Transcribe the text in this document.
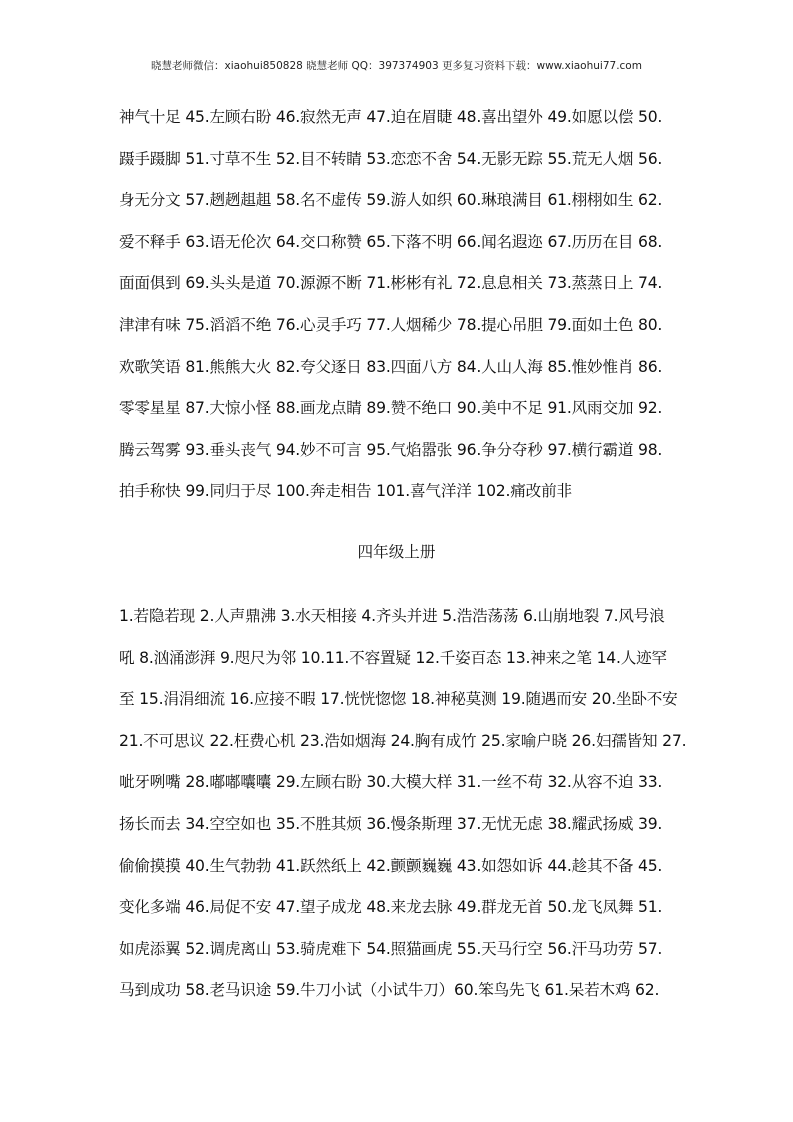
晓慧老师微信：xiaohui850828 晓慧老师 QQ：397374903 更多复习资料下载：www.xiaohui77.com
神气十足 45.左顾右盼 46.寂然无声 47.迫在眉睫 48.喜出望外 49.如愿以偿 50.
蹑手蹑脚 51.寸草不生 52.目不转睛 53.恋恋不舍 54.无影无踪 55.荒无人烟 56.
身无分文 57.趔趔趄趄 58.名不虚传 59.游人如织 60.琳琅满目 61.栩栩如生 62.
爱不释手 63.语无伦次 64.交口称赞 65.下落不明 66.闻名遐迩 67.历历在目 68.
面面俱到 69.头头是道 70.源源不断 71.彬彬有礼 72.息息相关 73.蒸蒸日上 74.
津津有味 75.滔滔不绝 76.心灵手巧 77.人烟稀少 78.提心吊胆 79.面如土色 80.
欢歌笑语 81.熊熊大火 82.夸父逐日 83.四面八方 84.人山人海 85.惟妙惟肖 86.
零零星星 87.大惊小怪 88.画龙点睛 89.赞不绝口 90.美中不足 91.风雨交加 92.
腾云驾雾 93.垂头丧气 94.妙不可言 95.气焰嚣张 96.争分夺秒 97.横行霸道 98.
拍手称快 99.同归于尽 100.奔走相告 101.喜气洋洋 102.痛改前非
四年级上册
1.若隐若现 2.人声鼎沸 3.水天相接 4.齐头并进 5.浩浩荡荡 6.山崩地裂 7.风号浪
吼 8.汹涌澎湃 9.咫尺为邻 10.11.不容置疑 12.千姿百态 13.神来之笔 14.人迹罕
至 15.涓涓细流 16.应接不暇 17.恍恍惚惚 18.神秘莫测 19.随遇而安 20.坐卧不安
21.不可思议 22.枉费心机 23.浩如烟海 24.胸有成竹 25.家喻户晓 26.妇孺皆知 27.
呲牙咧嘴 28.嘟嘟囔囔 29.左顾右盼 30.大模大样 31.一丝不苟 32.从容不迫 33.
扬长而去 34.空空如也 35.不胜其烦 36.慢条斯理 37.无忧无虑 38.耀武扬威 39.
偷偷摸摸 40.生气勃勃 41.跃然纸上 42.颤颤巍巍 43.如怨如诉 44.趁其不备 45.
变化多端 46.局促不安 47.望子成龙 48.来龙去脉 49.群龙无首 50.龙飞凤舞 51.
如虎添翼 52.调虎离山 53.骑虎难下 54.照猫画虎 55.天马行空 56.汗马功劳 57.
马到成功 58.老马识途 59.牛刀小试（小试牛刀）60.笨鸟先飞 61.呆若木鸡 62.
